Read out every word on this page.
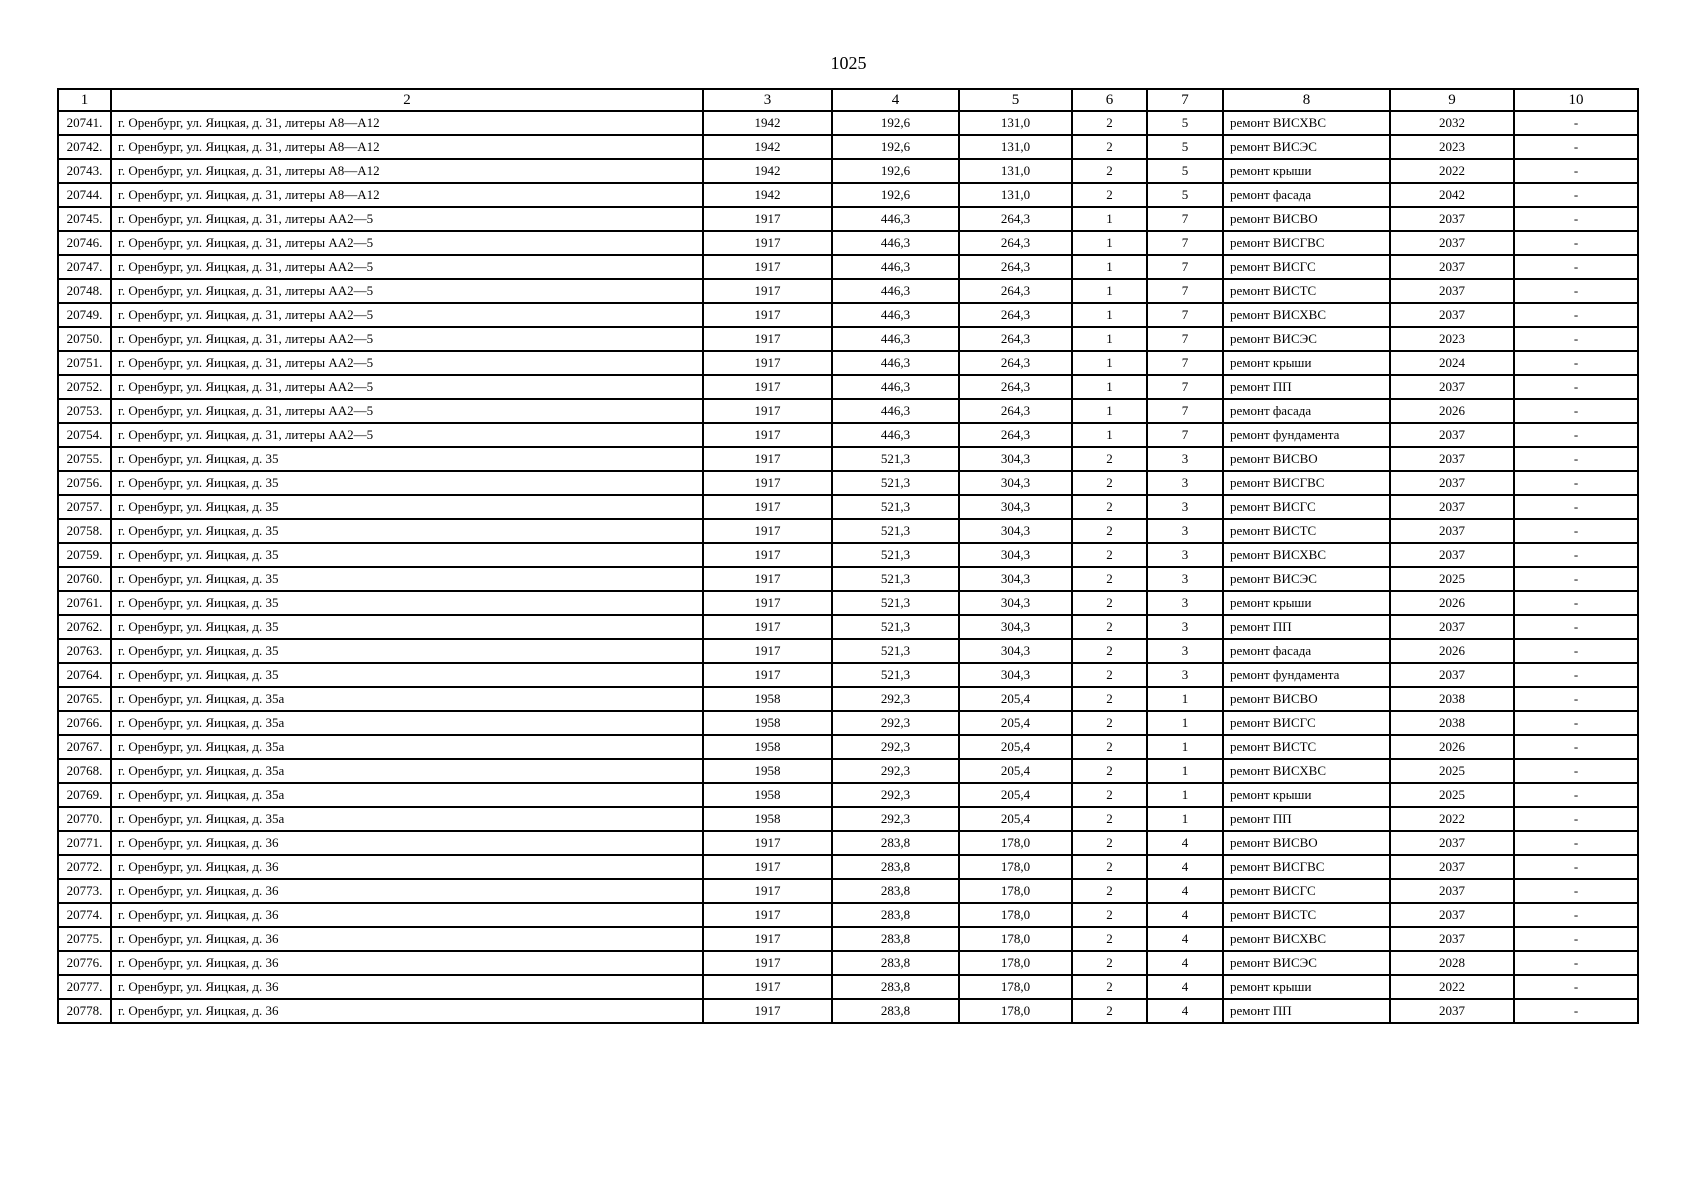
1025
1	2	3	4	5	6	7	8	9	10
20741.	г. Оренбург, ул. Яицкая, д. 31, литеры А8—А12	1942	192,6	131,0	2	5	ремонт ВИСХВС	2032	-
20742.	г. Оренбург, ул. Яицкая, д. 31, литеры А8—А12	1942	192,6	131,0	2	5	ремонт ВИСЭС	2023	-
20743.	г. Оренбург, ул. Яицкая, д. 31, литеры А8—А12	1942	192,6	131,0	2	5	ремонт крыши	2022	-
20744.	г. Оренбург, ул. Яицкая, д. 31, литеры А8—А12	1942	192,6	131,0	2	5	ремонт фасада	2042	-
20745.	г. Оренбург, ул. Яицкая, д. 31, литеры АА2—5	1917	446,3	264,3	1	7	ремонт ВИСВО	2037	-
20746.	г. Оренбург, ул. Яицкая, д. 31, литеры АА2—5	1917	446,3	264,3	1	7	ремонт ВИСГВС	2037	-
20747.	г. Оренбург, ул. Яицкая, д. 31, литеры АА2—5	1917	446,3	264,3	1	7	ремонт ВИСГС	2037	-
20748.	г. Оренбург, ул. Яицкая, д. 31, литеры АА2—5	1917	446,3	264,3	1	7	ремонт ВИСТС	2037	-
20749.	г. Оренбург, ул. Яицкая, д. 31, литеры АА2—5	1917	446,3	264,3	1	7	ремонт ВИСХВС	2037	-
20750.	г. Оренбург, ул. Яицкая, д. 31, литеры АА2—5	1917	446,3	264,3	1	7	ремонт ВИСЭС	2023	-
20751.	г. Оренбург, ул. Яицкая, д. 31, литеры АА2—5	1917	446,3	264,3	1	7	ремонт крыши	2024	-
20752.	г. Оренбург, ул. Яицкая, д. 31, литеры АА2—5	1917	446,3	264,3	1	7	ремонт ПП	2037	-
20753.	г. Оренбург, ул. Яицкая, д. 31, литеры АА2—5	1917	446,3	264,3	1	7	ремонт фасада	2026	-
20754.	г. Оренбург, ул. Яицкая, д. 31, литеры АА2—5	1917	446,3	264,3	1	7	ремонт фундамента	2037	-
20755.	г. Оренбург, ул. Яицкая, д. 35	1917	521,3	304,3	2	3	ремонт ВИСВО	2037	-
20756.	г. Оренбург, ул. Яицкая, д. 35	1917	521,3	304,3	2	3	ремонт ВИСГВС	2037	-
20757.	г. Оренбург, ул. Яицкая, д. 35	1917	521,3	304,3	2	3	ремонт ВИСГС	2037	-
20758.	г. Оренбург, ул. Яицкая, д. 35	1917	521,3	304,3	2	3	ремонт ВИСТС	2037	-
20759.	г. Оренбург, ул. Яицкая, д. 35	1917	521,3	304,3	2	3	ремонт ВИСХВС	2037	-
20760.	г. Оренбург, ул. Яицкая, д. 35	1917	521,3	304,3	2	3	ремонт ВИСЭС	2025	-
20761.	г. Оренбург, ул. Яицкая, д. 35	1917	521,3	304,3	2	3	ремонт крыши	2026	-
20762.	г. Оренбург, ул. Яицкая, д. 35	1917	521,3	304,3	2	3	ремонт ПП	2037	-
20763.	г. Оренбург, ул. Яицкая, д. 35	1917	521,3	304,3	2	3	ремонт фасада	2026	-
20764.	г. Оренбург, ул. Яицкая, д. 35	1917	521,3	304,3	2	3	ремонт фундамента	2037	-
20765.	г. Оренбург, ул. Яицкая, д. 35а	1958	292,3	205,4	2	1	ремонт ВИСВО	2038	-
20766.	г. Оренбург, ул. Яицкая, д. 35а	1958	292,3	205,4	2	1	ремонт ВИСГС	2038	-
20767.	г. Оренбург, ул. Яицкая, д. 35а	1958	292,3	205,4	2	1	ремонт ВИСТС	2026	-
20768.	г. Оренбург, ул. Яицкая, д. 35а	1958	292,3	205,4	2	1	ремонт ВИСХВС	2025	-
20769.	г. Оренбург, ул. Яицкая, д. 35а	1958	292,3	205,4	2	1	ремонт крыши	2025	-
20770.	г. Оренбург, ул. Яицкая, д. 35а	1958	292,3	205,4	2	1	ремонт ПП	2022	-
20771.	г. Оренбург, ул. Яицкая, д. 36	1917	283,8	178,0	2	4	ремонт ВИСВО	2037	-
20772.	г. Оренбург, ул. Яицкая, д. 36	1917	283,8	178,0	2	4	ремонт ВИСГВС	2037	-
20773.	г. Оренбург, ул. Яицкая, д. 36	1917	283,8	178,0	2	4	ремонт ВИСГС	2037	-
20774.	г. Оренбург, ул. Яицкая, д. 36	1917	283,8	178,0	2	4	ремонт ВИСТС	2037	-
20775.	г. Оренбург, ул. Яицкая, д. 36	1917	283,8	178,0	2	4	ремонт ВИСХВС	2037	-
20776.	г. Оренбург, ул. Яицкая, д. 36	1917	283,8	178,0	2	4	ремонт ВИСЭС	2028	-
20777.	г. Оренбург, ул. Яицкая, д. 36	1917	283,8	178,0	2	4	ремонт крыши	2022	-
20778.	г. Оренбург, ул. Яицкая, д. 36	1917	283,8	178,0	2	4	ремонт ПП	2037	-
